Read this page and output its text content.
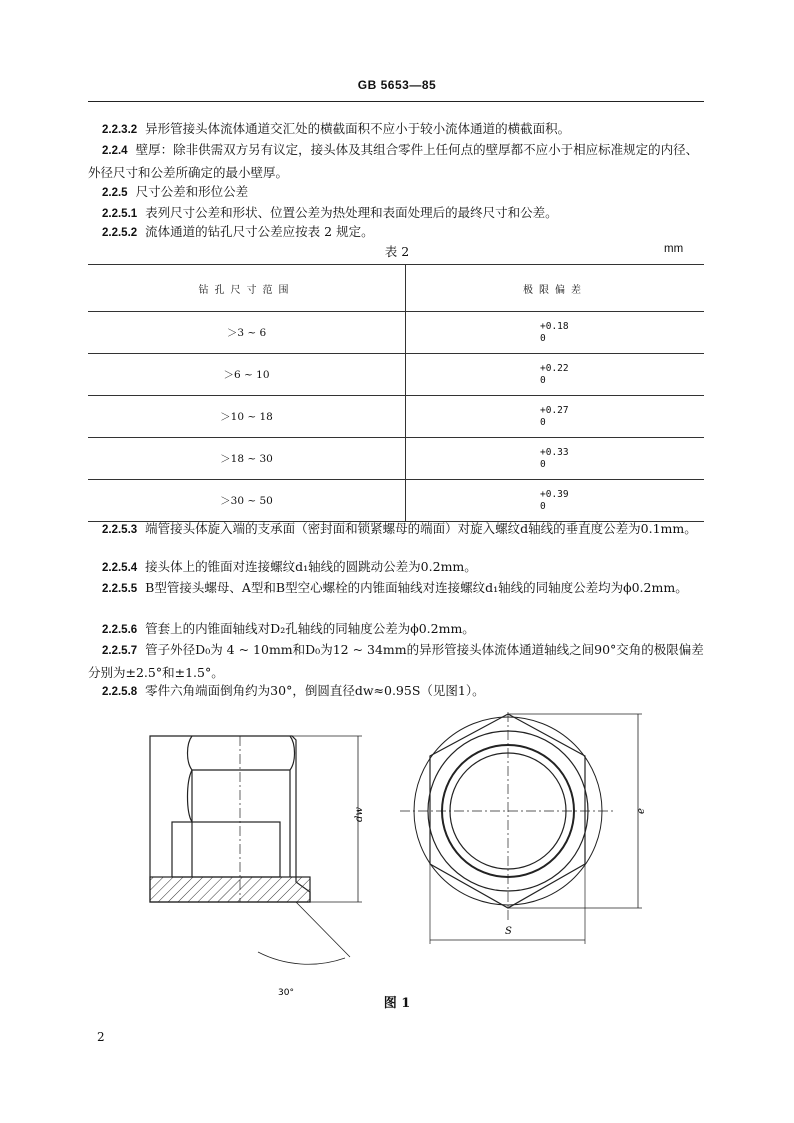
GB 5653—85

2.2.3.2 异形管接头体流体通道交汇处的横截面积不应小于较小流体通道的横截面积。

2.2.4 壁厚：除非供需双方另有议定，接头体及其组合零件上任何点的壁厚都不应小于相应标准规定的内径、外径尺寸和公差所确定的最小壁厚。

2.2.5 尺寸公差和形位公差

2.2.5.1 表列尺寸公差和形状、位置公差为热处理和表面处理后的最终尺寸和公差。

2.2.5.2 流体通道的钻孔尺寸公差应按表 2 规定。

表 2	mm
钻孔尺寸范围	极限偏差
＞3 ~ 6	+0.18
0

＞6 ~ 10	+0.22
0

＞10 ~ 18	+0.27
0

＞18 ~ 30	+0.33
0

＞30 ~ 50	+0.39
0

2.2.5.3 端管接头体旋入端的支承面（密封面和锁紧螺母的端面）对旋入螺纹d轴线的垂直度公差为0.1mm。

2.2.5.4 接头体上的锥面对连接螺纹d₁轴线的圆跳动公差为0.2mm。

2.2.5.5 B型管接头螺母、A型和B型空心螺栓的内锥面轴线对连接螺纹d₁轴线的同轴度公差均为ϕ0.2mm。

2.2.5.6 管套上的内锥面轴线对D₂孔轴线的同轴度公差为ϕ0.2mm。

2.2.5.7 管子外径D₀为 4 ~ 10mm和D₀为12 ~ 34mm的异形管接头体流体通道轴线之间90°交角的极限偏差分别为±2.5°和±1.5°。

2.2.5.8 零件六角端面倒角约为30°，倒圆直径dw≈0.95S（见图1）。

dw
30°
e
S
图 1
2
